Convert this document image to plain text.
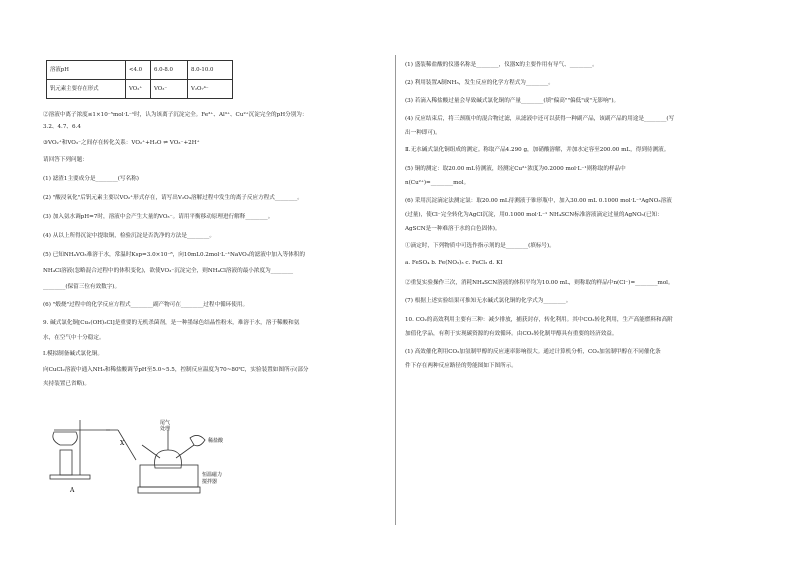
溶液pH	<4.0	6.0-8.0	8.0-10.0
钒元素主要存在形式	VO₂⁺	VO₃⁻	V₂O₇⁴⁻
②溶液中离子浓度≤1×10⁻⁵mol·L⁻¹时，认为该离子沉淀完全。Fe³⁺、Al³⁺、Cu²⁺沉淀完全的pH分别为：
3.2、4.7、6.4
③VO₂⁺和VO₃⁻之间存在转化关系：VO₂⁺+H₂O ⇌ VO₃⁻+2H⁺
请回答下列问题：
(1) 滤渣1主要成分是________(写名称)
(2) "酸浸氧化"后钒元素主要以VO₂⁺形式存在，请写出V₂O₃溶解过程中发生的离子反应方程式________。
(3) 加入氨水调pH=7时，溶液中会产生大量的VO₃⁻。请用平衡移动原理进行解释________。
(4) 从以上所得沉淀中提取铜，检验沉淀是否洗净的方法是________。
(5) 已知NH₄VO₃难溶于水，常温时Ksp=3.0×10⁻⁸，向10mL0.2mol·L⁻¹NaVO₃的滤液中加入等体积的
NH₄Cl溶液(忽略混合过程中的体积变化)，欲使VO₃⁻沉淀完全，则NH₄Cl溶液的最小浓度为________
________(保留三位有效数字)。
(6) "煅烧"过程中的化学反应方程式________副产物可在________过程中循环使用。
9. 碱式氯化铜[Cu₂(OH)₃Cl]是重要的无机杀菌剂，是一种墨绿色结晶性粉末，难溶于水，溶于稀酸和氨
水，在空气中十分稳定。
Ⅰ.模拟制备碱式氯化铜。
向CuCl₂溶液中通入NH₃和稀盐酸调节pH至5.0~5.5，控制反应温度为70~80℃，实验装置如图所示(部分
夹持装置已省略)。
A
X
尾气
处理
稀盐酸
恒温磁力
搅拌器
(1) 盛装稀盐酸的仪器名称是________，仪器X的主要作用有导气、________。
(2) 利用装置A制NH₃，发生反应的化学方程式为________。
(3) 若滴入稀盐酸过量会导致碱式氯化铜的产量________(填"偏高""偏低"或"无影响")。
(4) 反应结束后，将三颈瓶中的混合物过滤，从滤液中还可以获得一种副产品，该副产品的用途是________(写
出一种即可)。
Ⅱ.无水碱式氯化铜组成的测定。称取产品4.290 g，加硝酸溶解，并加水定容至200.00 mL，得到待测液。
(5) 铜的测定：取20.00 mL待测液，经测定Cu²⁺浓度为0.2000 mol·L⁻¹则称取的样品中
n(Cu²⁺)=________mol。
(6) 采用沉淀滴定法测定氯：取20.00 mL待测液于锥形瓶中，加入30.00 mL 0.1000 mol·L⁻¹AgNO₃溶液
(过量)，使Cl⁻完全转化为AgCl沉淀，用0.1000 mol·L⁻¹ NH₄SCN标准溶液滴定过量的AgNO₃(已知：
AgSCN是一种难溶于水的白色固体)。
①滴定时，下列物质中可选作指示剂的是________(填标号)。
a. FeSO₄ b. Fe(NO₃)₃ c. FeCl₃ d. KI
②重复实验操作三次，消耗NH₄SCN溶液的体积平均为10.00 mL，则称取的样品中n(Cl⁻)=________mol。
(7) 根据上述实验结果可推知无水碱式氯化铜的化学式为________。
10. CO₂的高效利用主要有三种：减少排放，捕获封存，转化利用。其中CO₂转化利用，生产高能燃料和高附
加值化学品，有利于实现碳资源的有效循环。由CO₂转化制甲醇具有重要的经济效益。
(1) 高效催化利用CO₂加氢制甲醇的反应速率影响很大。通过计算机分析，CO₂加氢制甲醇在不同催化条
件下存在两种反应路径的势能图如下图所示。
